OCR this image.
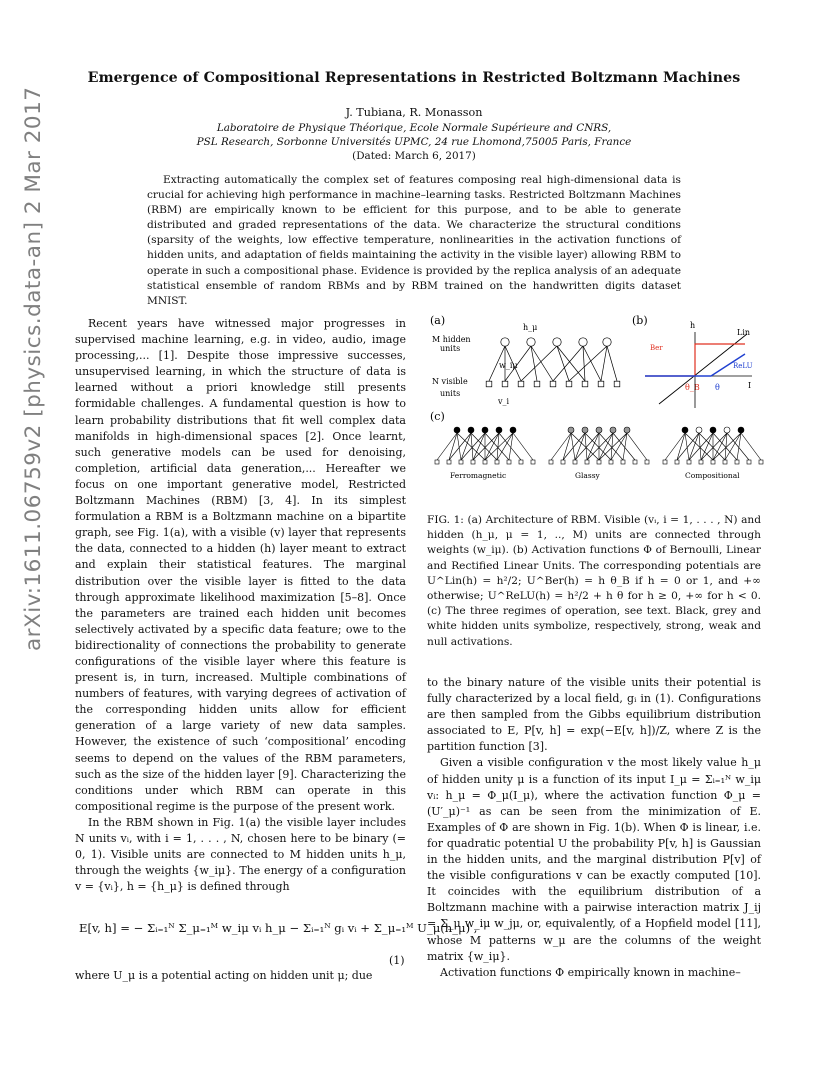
Emergence of Compositional Representations in Restricted Boltzmann Machines
J. Tubiana, R. Monasson
Laboratoire de Physique Théorique, Ecole Normale Supérieure and CNRS,
PSL Research, Sorbonne Universités UPMC, 24 rue Lhomond,75005 Paris, France
(Dated: March 6, 2017)
Extracting automatically the complex set of features composing real high-dimensional data is crucial for achieving high performance in machine–learning tasks. Restricted Boltzmann Machines (RBM) are empirically known to be efficient for this purpose, and to be able to generate distributed and graded representations of the data. We characterize the structural conditions (sparsity of the weights, low effective temperature, nonlinearities in the activation functions of hidden units, and adaptation of fields maintaining the activity in the visible layer) allowing RBM to operate in such a compositional phase. Evidence is provided by the replica analysis of an adequate statistical ensemble of random RBMs and by RBM trained on the handwritten digits dataset MNIST.
arXiv:1611.06759v2 [physics.data-an] 2 Mar 2017	Recent years have witnessed major progresses in supervised machine learning, e.g. in video, audio, image processing,... [1]. Despite those impressive successes, unsupervised learning, in which the structure of data is learned without a priori knowledge still presents formidable challenges. A fundamental question is how to learn probability distributions that fit well complex data manifolds in high-dimensional spaces [2]. Once learnt, such generative models can be used for denoising, completion, artificial data generation,... Hereafter we focus on one important generative model, Restricted Boltzmann Machines (RBM) [3, 4]. In its simplest formulation a RBM is a Boltzmann machine on a bipartite graph, see Fig. 1(a), with a visible (v) layer that represents the data, connected to a hidden (h) layer meant to extract and explain their statistical features. The marginal distribution over the visible layer is fitted to the data through approximate likelihood maximization [5–8]. Once the parameters are trained each hidden unit becomes selectively activated by a specific data feature; owe to the bidirectionality of connections the probability to generate configurations of the visible layer where this feature is present is, in turn, increased. Multiple combinations of numbers of features, with varying degrees of activation of the corresponding hidden units allow for efficient generation of a large variety of new data samples. However, the existence of such ‘compositional’ encoding seems to depend on the values of the RBM parameters, such as the size of the hidden layer [9]. Characterizing the conditions under which RBM can operate in this compositional regime is the purpose of the present work.

In the RBM shown in Fig. 1(a) the visible layer includes N units vᵢ, with i = 1, . . . , N, chosen here to be binary (= 0, 1). Visible units are connected to M hidden units h_μ, through the weights {w_iμ}. The energy of a configuration v = {vᵢ}, h = {h_μ} is defined through

E[v, h] = − Σᵢ₌₁ᴺ Σ_μ₌₁ᴹ w_iμ vᵢ h_μ − Σᵢ₌₁ᴺ gᵢ vᵢ + Σ_μ₌₁ᴹ U_μ(h_μ) ,
(1)

where U_μ is a potential acting on hidden unit μ; due

(a)
M hidden
units
N visible
units
h_μ
w_iμ
v_i
(b)	h
Lin
Ber
ReLU
θ_B θ	I
(c)
Ferromagnetic	Glassy	Compositional
FIG. 1: (a) Architecture of RBM. Visible (vᵢ, i = 1, . . . , N) and hidden (h_μ, μ = 1, .., M) units are connected through weights (w_iμ). (b) Activation functions Φ of Bernoulli, Linear and Rectified Linear Units. The corresponding potentials are U^Lin(h) = h²/2; U^Ber(h) = h θ_B if h = 0 or 1, and +∞ otherwise; U^ReLU(h) = h²/2 + h θ for h ≥ 0, +∞ for h < 0. (c) The three regimes of operation, see text. Black, grey and white hidden units symbolize, respectively, strong, weak and null activations.

to the binary nature of the visible units their potential is fully characterized by a local field, gᵢ in (1). Configurations are then sampled from the Gibbs equilibrium distribution associated to E, P[v, h] = exp(−E[v, h])/Z, where Z is the partition function [3].

Given a visible configuration v the most likely value h_μ of hidden unity μ is a function of its input I_μ = Σᵢ₌₁ᴺ w_iμ vᵢ: h_μ = Φ_μ(I_μ), where the activation function Φ_μ = (U′_μ)⁻¹ as can be seen from the minimization of E. Examples of Φ are shown in Fig. 1(b). When Φ is linear, i.e. for quadratic potential U the probability P[v, h] is Gaussian in the hidden units, and the marginal distribution P[v] of the visible configurations v can be exactly computed [10]. It coincides with the equilibrium distribution of a Boltzmann machine with a pairwise interaction matrix J_ij = Σ_μ w_iμ w_jμ, or, equivalently, of a Hopfield model [11], whose M patterns w_μ are the columns of the weight matrix {w_iμ}.

Activation functions Φ empirically known in machine–
